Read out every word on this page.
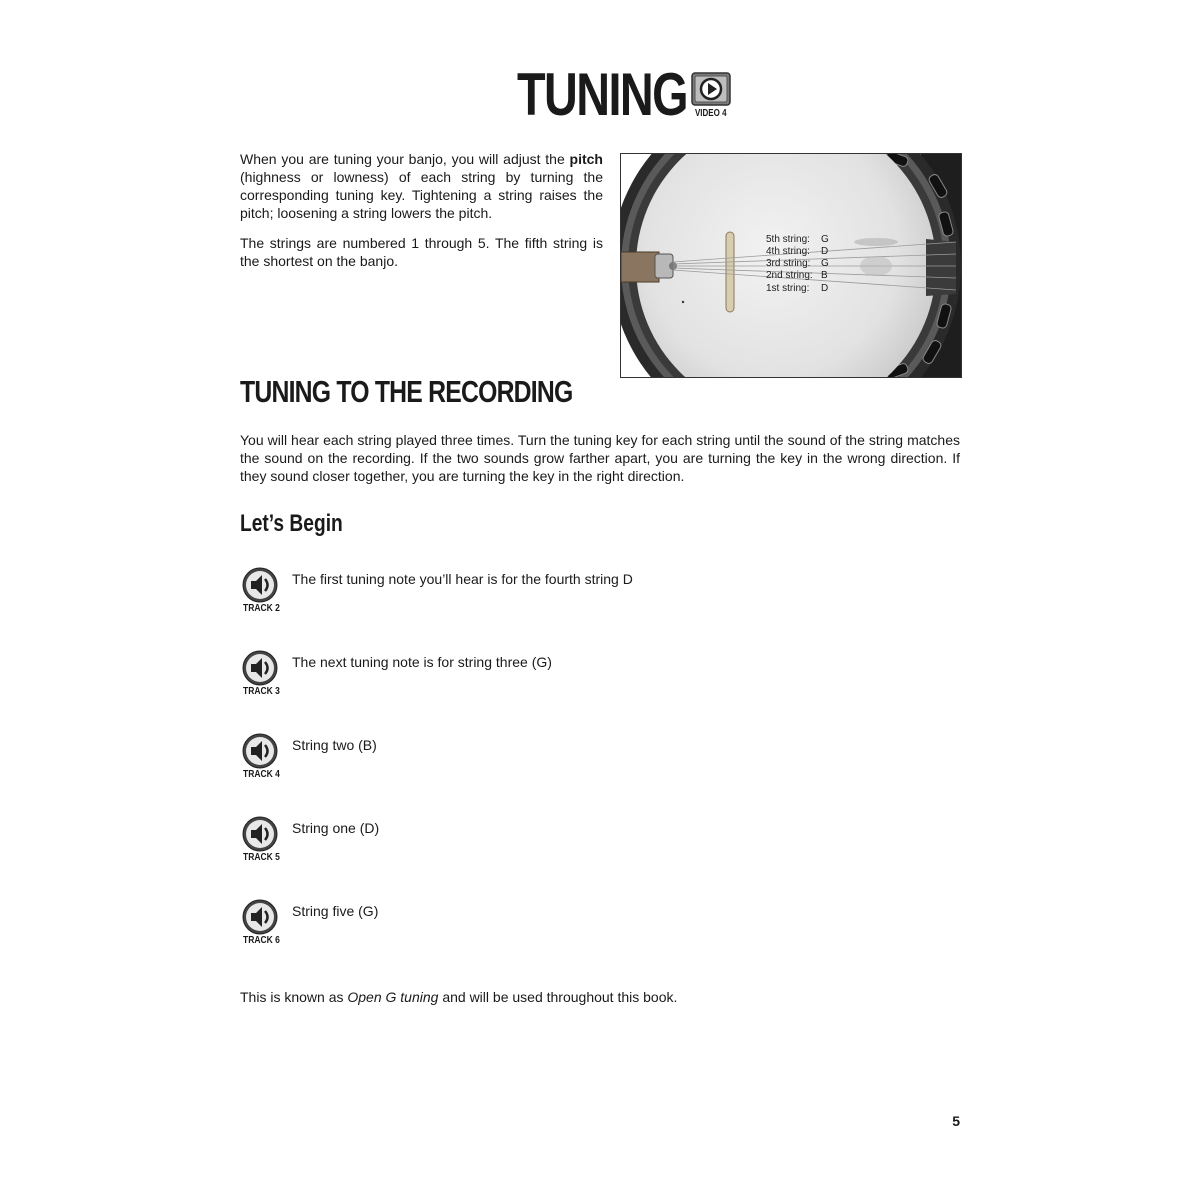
TUNING VIDEO 4

When you are tuning your banjo, you will adjust the pitch (highness or lowness) of each string by turning the corresponding tuning key. Tightening a string raises the pitch; loosening a string lowers the pitch.

The strings are numbered 1 through 5. The fifth string is the shortest on the banjo.

5th string: G
4th string: D
3rd string: G
2nd string: B
1st string: D
TUNING TO THE RECORDING
You will hear each string played three times. Turn the tuning key for each string until the sound of the string matches the sound on the recording. If the two sounds grow farther apart, you are turning the key in the wrong direction. If they sound closer together, you are turning the key in the right direction.
Let’s Begin
TRACK 2
The first tuning note you’ll hear is for the fourth string D
TRACK 3
The next tuning note is for string three (G)
TRACK 4
String two (B)
TRACK 5
String one (D)
TRACK 6
String five (G)
This is known as Open G tuning and will be used throughout this book.
5
